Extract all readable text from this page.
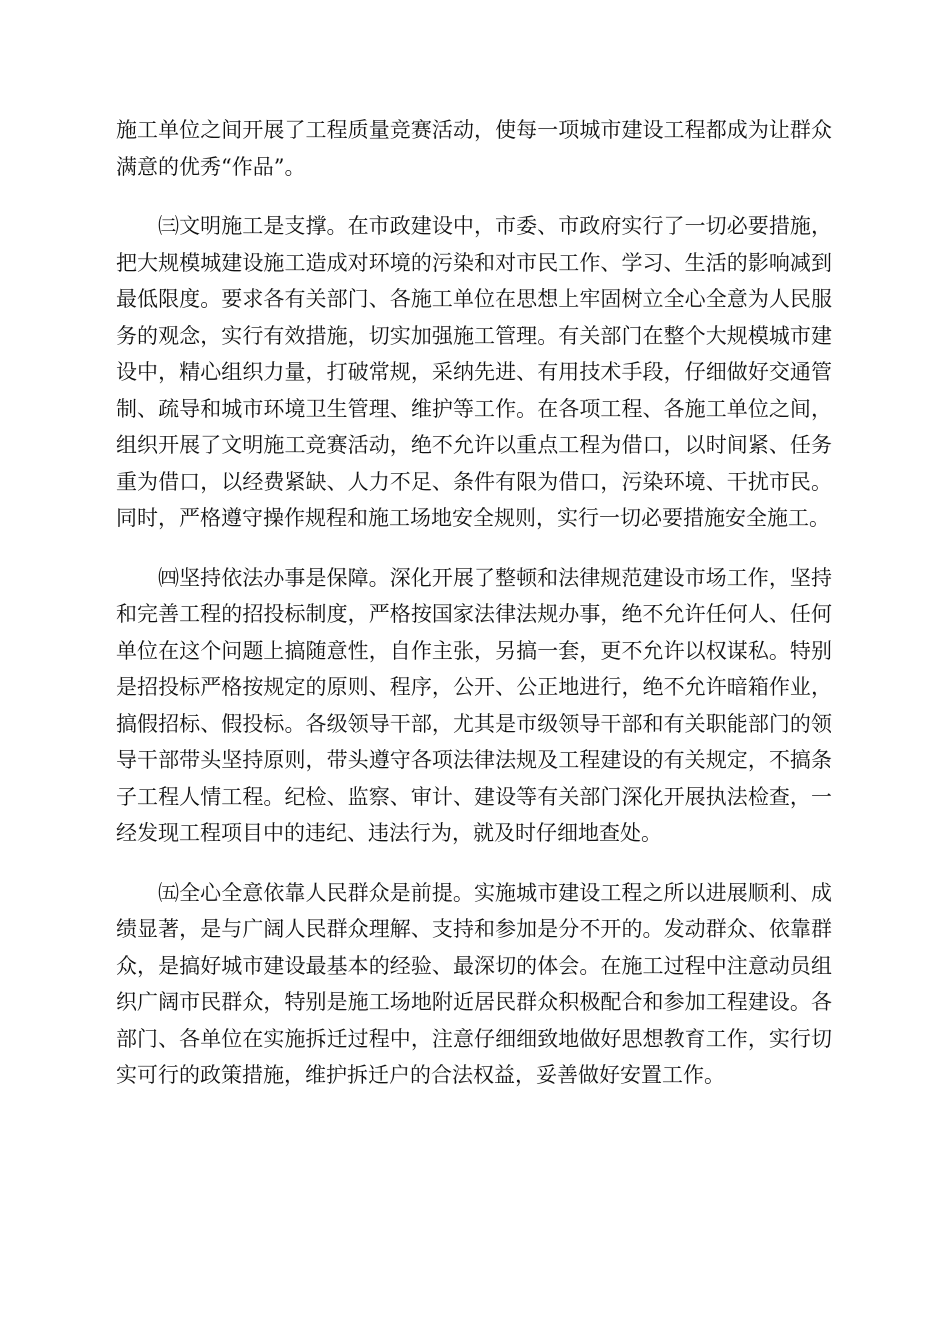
施工单位之间开展了工程质量竞赛活动，使每一项城市建设工程都成为让群众满意的优秀“作品”。

㈢文明施工是支撑。在市政建设中，市委、市政府实行了一切必要措施，把大规模城建设施工造成对环境的污染和对市民工作、学习、生活的影响减到最低限度。要求各有关部门、各施工单位在思想上牢固树立全心全意为人民服务的观念，实行有效措施，切实加强施工管理。有关部门在整个大规模城市建设中，精心组织力量，打破常规，采纳先进、有用技术手段，仔细做好交通管制、疏导和城市环境卫生管理、维护等工作。在各项工程、各施工单位之间，组织开展了文明施工竞赛活动，绝不允许以重点工程为借口，以时间紧、任务重为借口，以经费紧缺、人力不足、条件有限为借口，污染环境、干扰市民。同时，严格遵守操作规程和施工场地安全规则，实行一切必要措施安全施工。

㈣坚持依法办事是保障。深化开展了整顿和法律规范建设市场工作，坚持和完善工程的招投标制度，严格按国家法律法规办事，绝不允许任何人、任何单位在这个问题上搞随意性，自作主张，另搞一套，更不允许以权谋私。特别是招投标严格按规定的原则、程序，公开、公正地进行，绝不允许暗箱作业，搞假招标、假投标。各级领导干部，尤其是市级领导干部和有关职能部门的领导干部带头坚持原则，带头遵守各项法律法规及工程建设的有关规定，不搞条子工程人情工程。纪检、监察、审计、建设等有关部门深化开展执法检查，一经发现工程项目中的违纪、违法行为，就及时仔细地查处。

㈤全心全意依靠人民群众是前提。实施城市建设工程之所以进展顺利、成绩显著，是与广阔人民群众理解、支持和参加是分不开的。发动群众、依靠群众，是搞好城市建设最基本的经验、最深切的体会。在施工过程中注意动员组织广阔市民群众，特别是施工场地附近居民群众积极配合和参加工程建设。各部门、各单位在实施拆迁过程中，注意仔细细致地做好思想教育工作，实行切实可行的政策措施，维护拆迁户的合法权益，妥善做好安置工作。
